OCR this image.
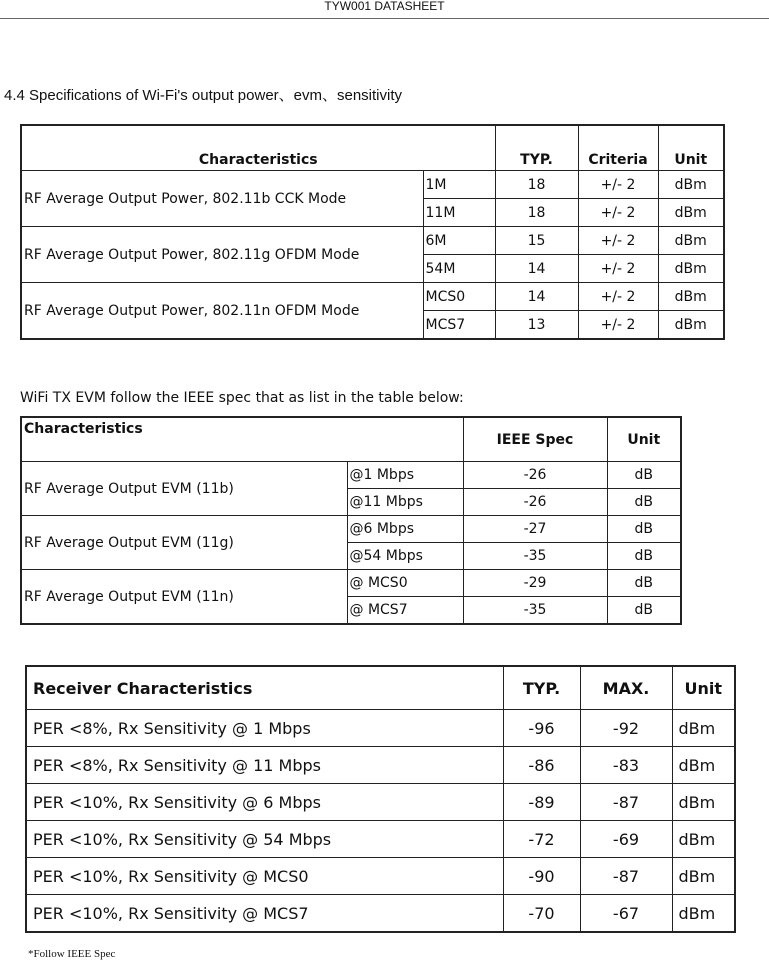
TYW001 DATASHEET
4.4 Specifications of Wi-Fi's output power、evm、sensitivity
Characteristics		TYP.	Criteria	Unit
RF Average Output Power, 802.11b CCK Mode	1M	18	+/- 2	dBm
	11M	18	+/- 2	dBm
RF Average Output Power, 802.11g OFDM Mode	6M	15	+/- 2	dBm
	54M	14	+/- 2	dBm
RF Average Output Power, 802.11n OFDM Mode	MCS0	14	+/- 2	dBm
	MCS7	13	+/- 2	dBm
WiFi TX EVM follow the IEEE spec that as list in the table below:
Characteristics		IEEE Spec	Unit
RF Average Output EVM (11b)	@1 Mbps	-26	dB
	@11 Mbps	-26	dB
RF Average Output EVM (11g)	@6 Mbps	-27	dB
	@54 Mbps	-35	dB
RF Average Output EVM (11n)	@ MCS0	-29	dB
	@ MCS7	-35	dB
Receiver Characteristics	TYP.	MAX.	Unit
PER <8%, Rx Sensitivity @ 1 Mbps	-96	-92	dBm
PER <8%, Rx Sensitivity @ 11 Mbps	-86	-83	dBm
PER <10%, Rx Sensitivity @ 6 Mbps	-89	-87	dBm
PER <10%, Rx Sensitivity @ 54 Mbps	-72	-69	dBm
PER <10%, Rx Sensitivity @ MCS0	-90	-87	dBm
PER <10%, Rx Sensitivity @ MCS7	-70	-67	dBm
*Follow IEEE Spec
